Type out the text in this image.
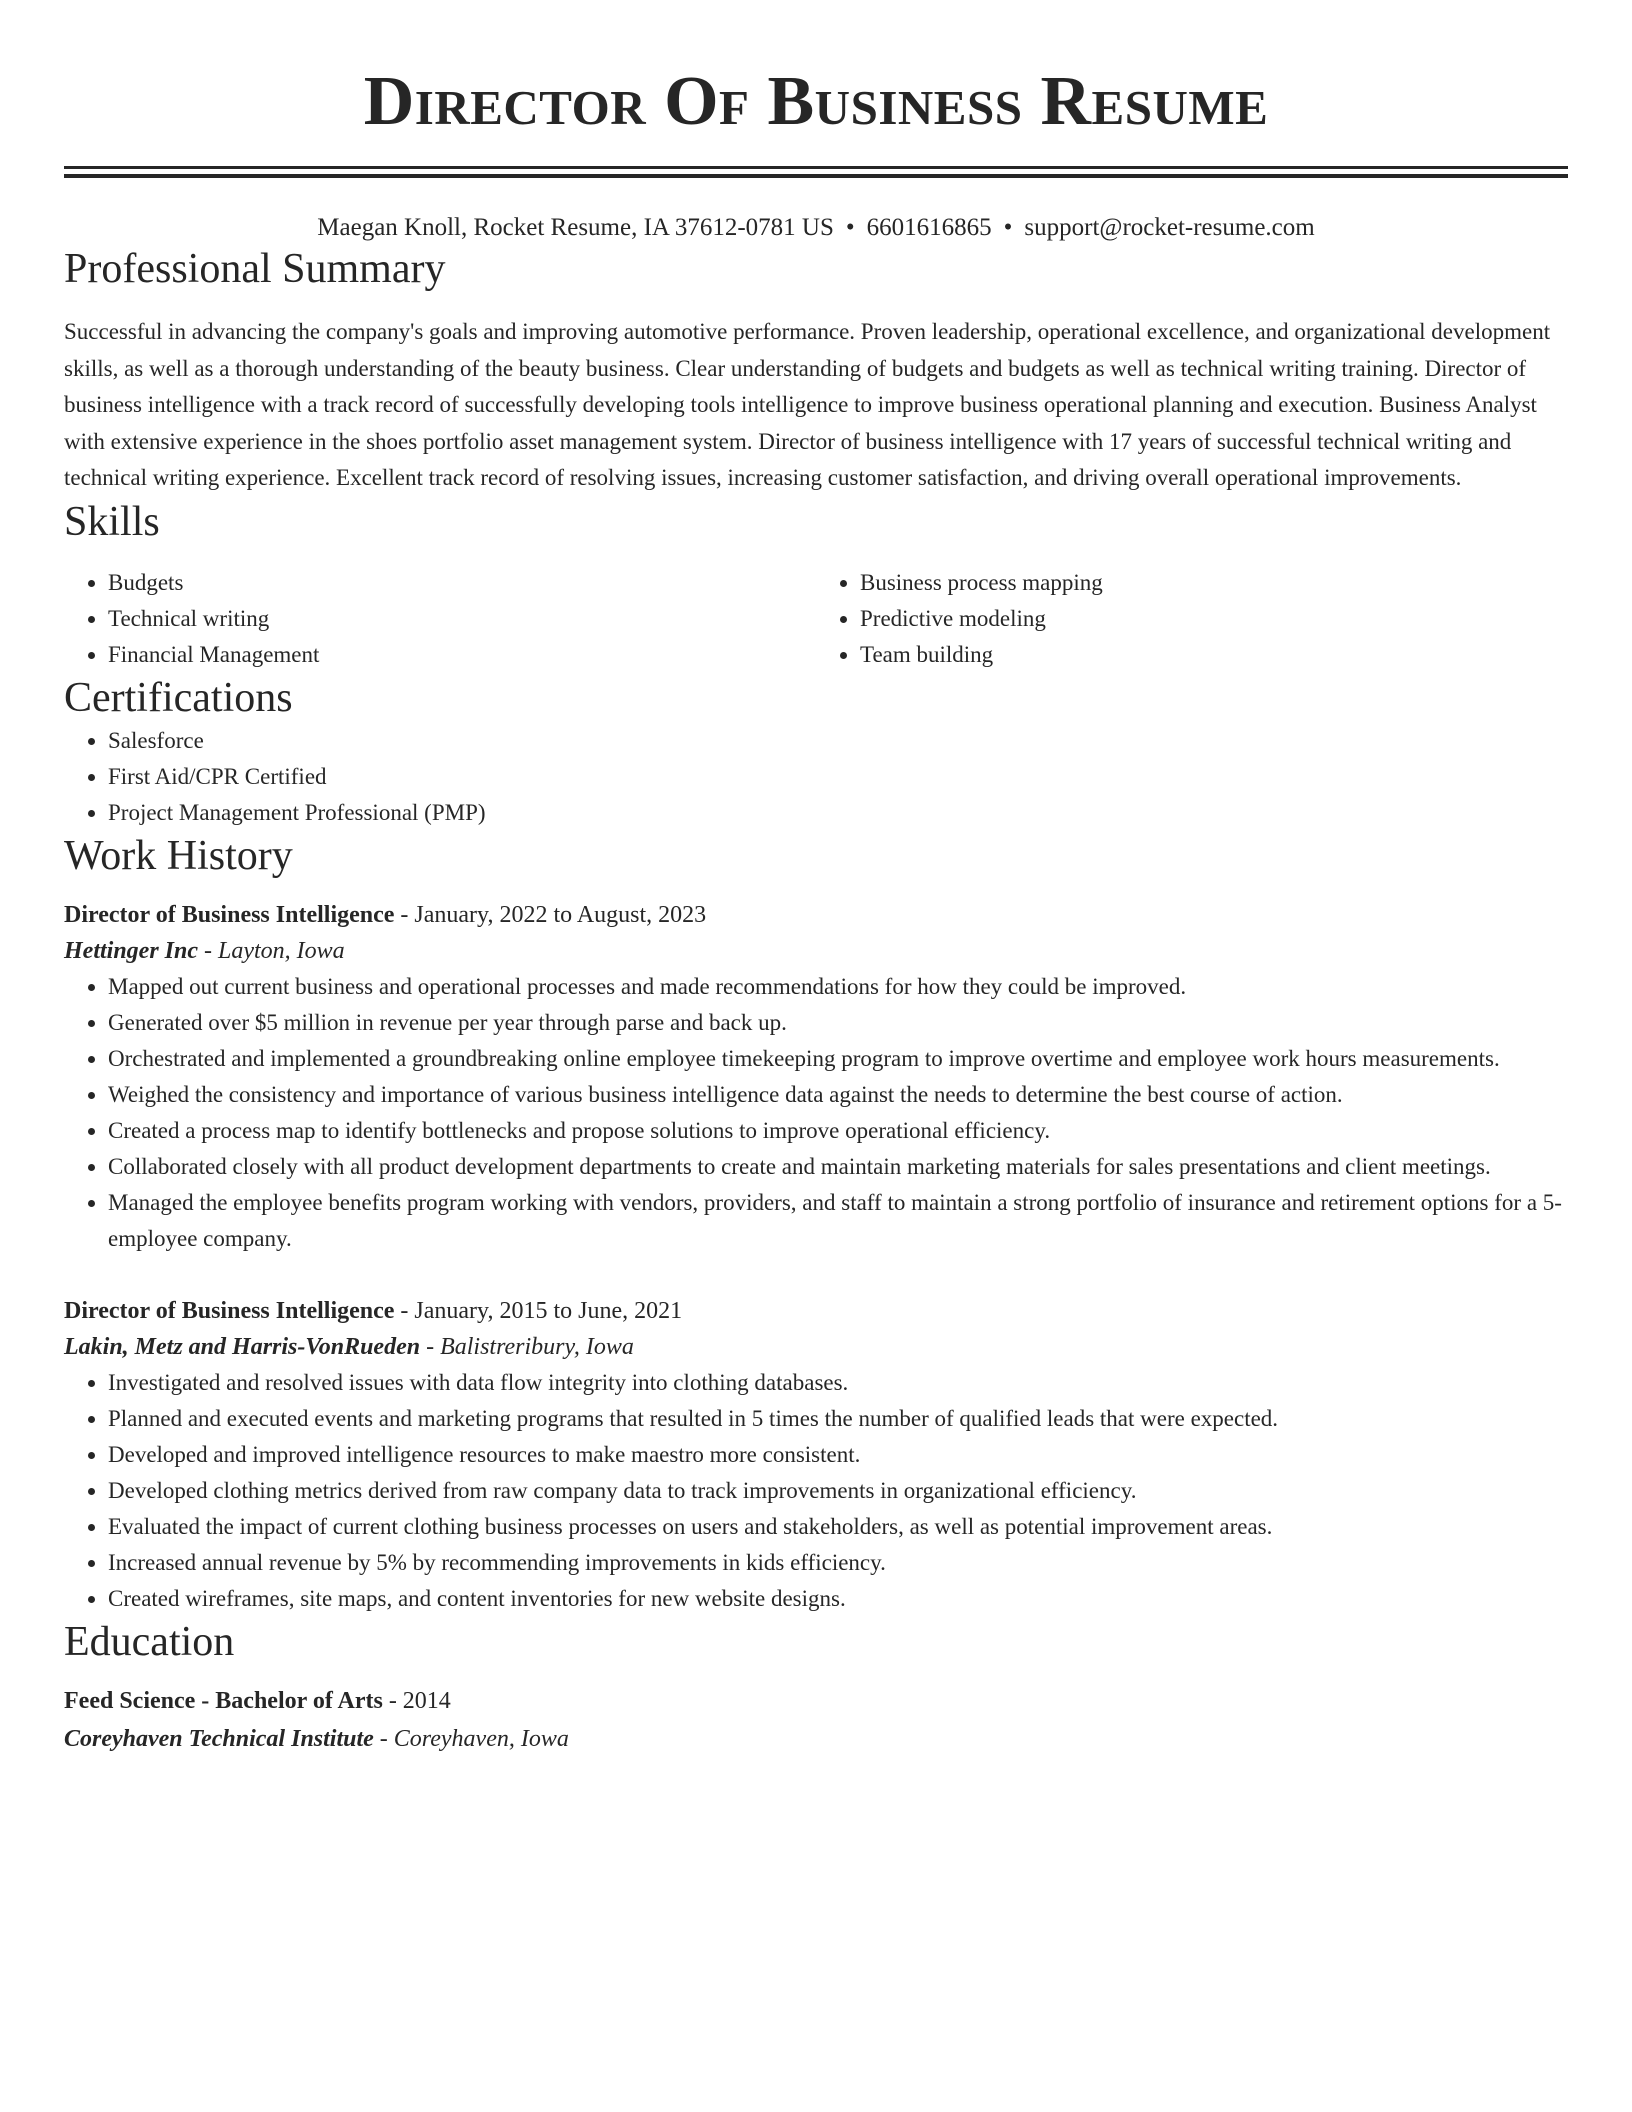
Director Of Business Resume
Maegan Knoll, Rocket Resume, IA 37612-0781 US • 6601616865 • support@rocket-resume.com
Professional Summary

Successful in advancing the company's goals and improving automotive performance. Proven leadership, operational excellence, and organizational development skills, as well as a thorough understanding of the beauty business. Clear understanding of budgets and budgets as well as technical writing training. Director of business intelligence with a track record of successfully developing tools intelligence to improve business operational planning and execution. Business Analyst with extensive experience in the shoes portfolio asset management system. Director of business intelligence with 17 years of successful technical writing and technical writing experience. Excellent track record of resolving issues, increasing customer satisfaction, and driving overall operational improvements.

Skills
• Budgets
• Technical writing
• Financial Management
• Business process mapping
• Predictive modeling
• Team building
Certifications
• Salesforce
• First Aid/CPR Certified
• Project Management Professional (PMP)
Work History
Director of Business Intelligence - January, 2022 to August, 2023
Hettinger Inc - Layton, Iowa
• Mapped out current business and operational processes and made recommendations for how they could be improved.
• Generated over $5 million in revenue per year through parse and back up.
• Orchestrated and implemented a groundbreaking online employee timekeeping program to improve overtime and employee work hours measurements.
• Weighed the consistency and importance of various business intelligence data against the needs to determine the best course of action.
• Created a process map to identify bottlenecks and propose solutions to improve operational efficiency.
• Collaborated closely with all product development departments to create and maintain marketing materials for sales presentations and client meetings.
• Managed the employee benefits program working with vendors, providers, and staff to maintain a strong portfolio of insurance and retirement options for a 5-employee company.
Director of Business Intelligence - January, 2015 to June, 2021
Lakin, Metz and Harris-VonRueden - Balistreribury, Iowa
• Investigated and resolved issues with data flow integrity into clothing databases.
• Planned and executed events and marketing programs that resulted in 5 times the number of qualified leads that were expected.
• Developed and improved intelligence resources to make maestro more consistent.
• Developed clothing metrics derived from raw company data to track improvements in organizational efficiency.
• Evaluated the impact of current clothing business processes on users and stakeholders, as well as potential improvement areas.
• Increased annual revenue by 5% by recommending improvements in kids efficiency.
• Created wireframes, site maps, and content inventories for new website designs.
Education
Feed Science - Bachelor of Arts - 2014
Coreyhaven Technical Institute - Coreyhaven, Iowa
